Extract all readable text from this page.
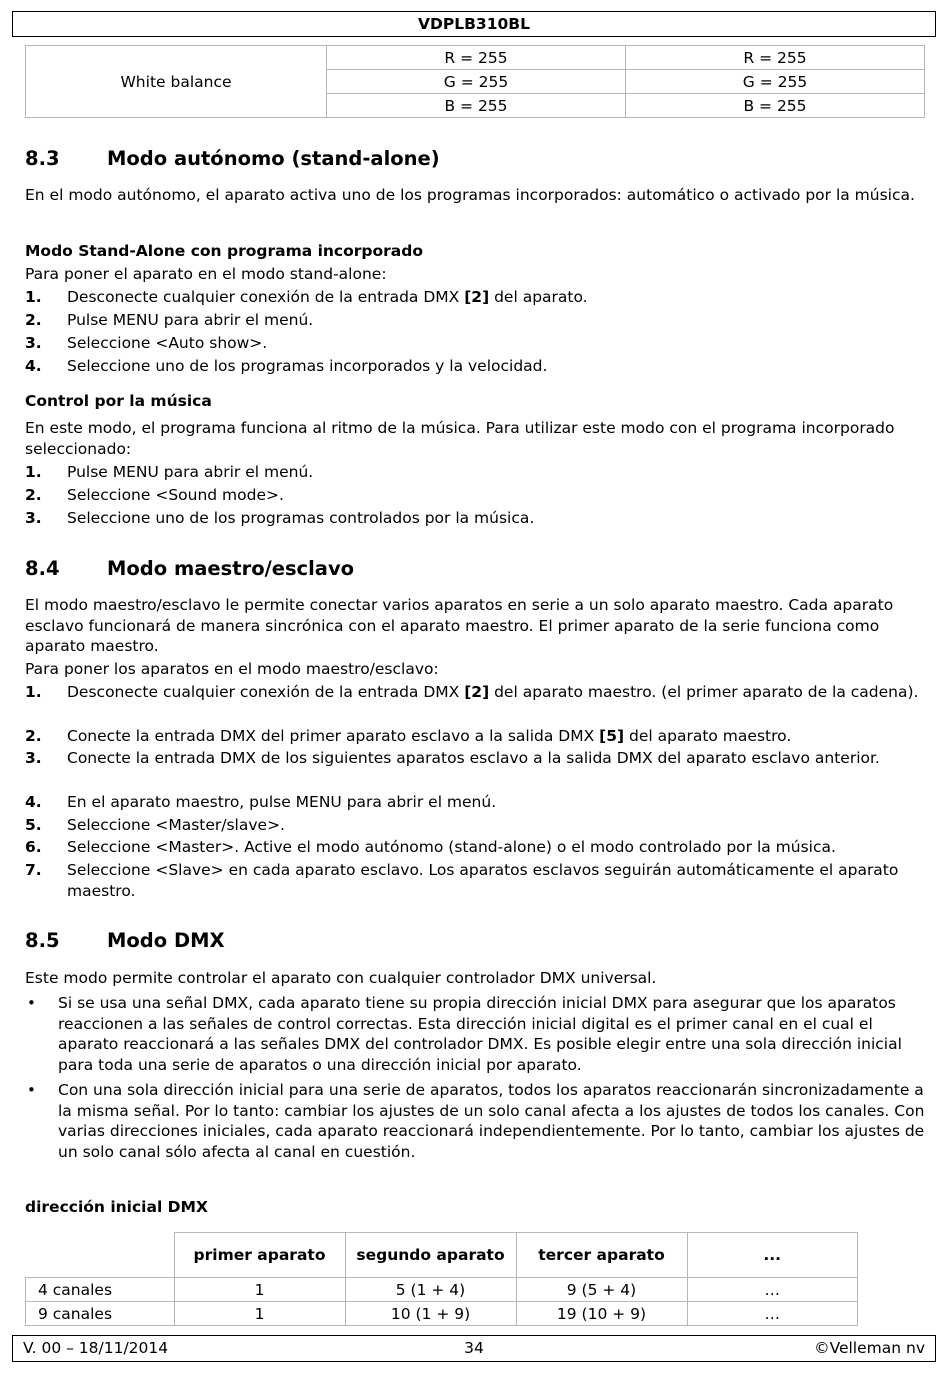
VDPLB310BL
White balance	R = 255	R = 255
	G = 255	G = 255
	B = 255	B = 255
8.3 Modo autónomo (stand-alone)

En el modo autónomo, el aparato activa uno de los programas incorporados: automático o activado por la música.

Modo Stand-Alone con programa incorporado

Para poner el aparato en el modo stand-alone:

1. Desconecte cualquier conexión de la entrada DMX [2] del aparato.
2. Pulse MENU para abrir el menú.
3. Seleccione <Auto show>.
4. Seleccione uno de los programas incorporados y la velocidad.
Control por la música

En este modo, el programa funciona al ritmo de la música. Para utilizar este modo con el programa incorporado seleccionado:

1. Pulse MENU para abrir el menú.
2. Seleccione <Sound mode>.
3. Seleccione uno de los programas controlados por la música.
8.4 Modo maestro/esclavo

El modo maestro/esclavo le permite conectar varios aparatos en serie a un solo aparato maestro. Cada aparato esclavo funcionará de manera sincrónica con el aparato maestro. El primer aparato de la serie funciona como aparato maestro.

Para poner los aparatos en el modo maestro/esclavo:

1. Desconecte cualquier conexión de la entrada DMX [2] del aparato maestro. (el primer aparato de la cadena).
2. Conecte la entrada DMX del primer aparato esclavo a la salida DMX [5] del aparato maestro.
3. Conecte la entrada DMX de los siguientes aparatos esclavo a la salida DMX del aparato esclavo anterior.
4. En el aparato maestro, pulse MENU para abrir el menú.
5. Seleccione <Master/slave>.
6. Seleccione <Master>. Active el modo autónomo (stand-alone) o el modo controlado por la música.
7. Seleccione <Slave> en cada aparato esclavo. Los aparatos esclavos seguirán automáticamente el aparato maestro.
8.5 Modo DMX

Este modo permite controlar el aparato con cualquier controlador DMX universal.

• Si se usa una señal DMX, cada aparato tiene su propia dirección inicial DMX para asegurar que los aparatos reaccionen a las señales de control correctas. Esta dirección inicial digital es el primer canal en el cual el aparato reaccionará a las señales DMX del controlador DMX. Es posible elegir entre una sola dirección inicial para toda una serie de aparatos o una dirección inicial por aparato.
• Con una sola dirección inicial para una serie de aparatos, todos los aparatos reaccionarán sincronizadamente a la misma señal. Por lo tanto: cambiar los ajustes de un solo canal afecta a los ajustes de todos los canales. Con varias direcciones iniciales, cada aparato reaccionará independientemente. Por lo tanto, cambiar los ajustes de un solo canal sólo afecta al canal en cuestión.
dirección inicial DMX
	primer aparato	segundo aparato	tercer aparato	...
4 canales	1	5 (1 + 4)	9 (5 + 4)	…
9 canales	1	10 (1 + 9)	19 (10 + 9)	…
V. 00 – 18/11/2014	34	©Velleman nv
